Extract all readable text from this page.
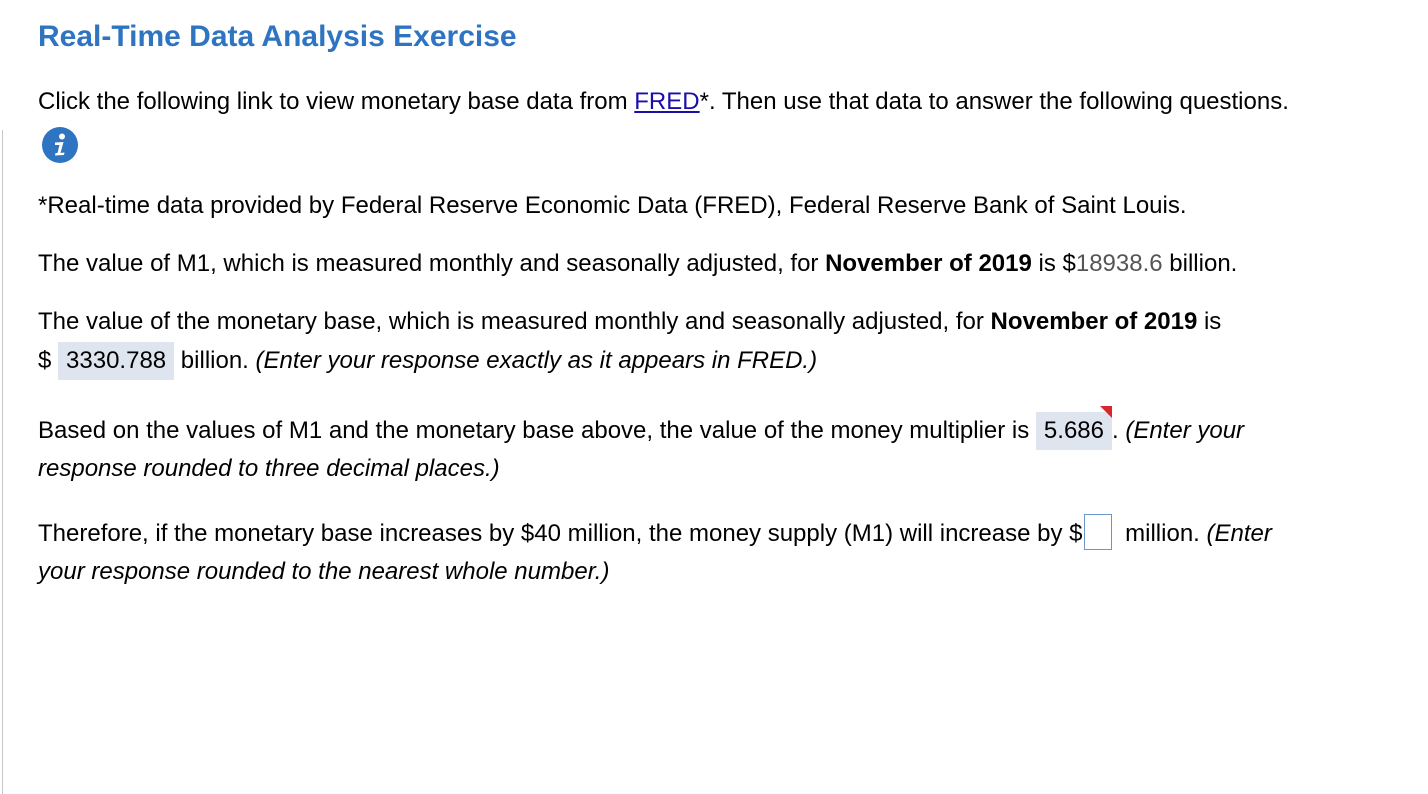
Real-Time Data Analysis Exercise

Click the following link to view monetary base data from FRED*. Then use that data to answer the following questions.

*Real-time data provided by Federal Reserve Economic Data (FRED), Federal Reserve Bank of Saint Louis.

The value of M1, which is measured monthly and seasonally adjusted, for November of 2019 is $18938.6 billion.

The value of the monetary base, which is measured monthly and seasonally adjusted, for November of 2019 is

$ 3330.788 billion. (Enter your response exactly as it appears in FRED.)

Based on the values of M1 and the monetary base above, the value of the money multiplier is 5.686 . (Enter your

response rounded to three decimal places.)

Therefore, if the monetary base increases by $40 million, the money supply (M1) will increase by $ million. (Enter

your response rounded to the nearest whole number.)
